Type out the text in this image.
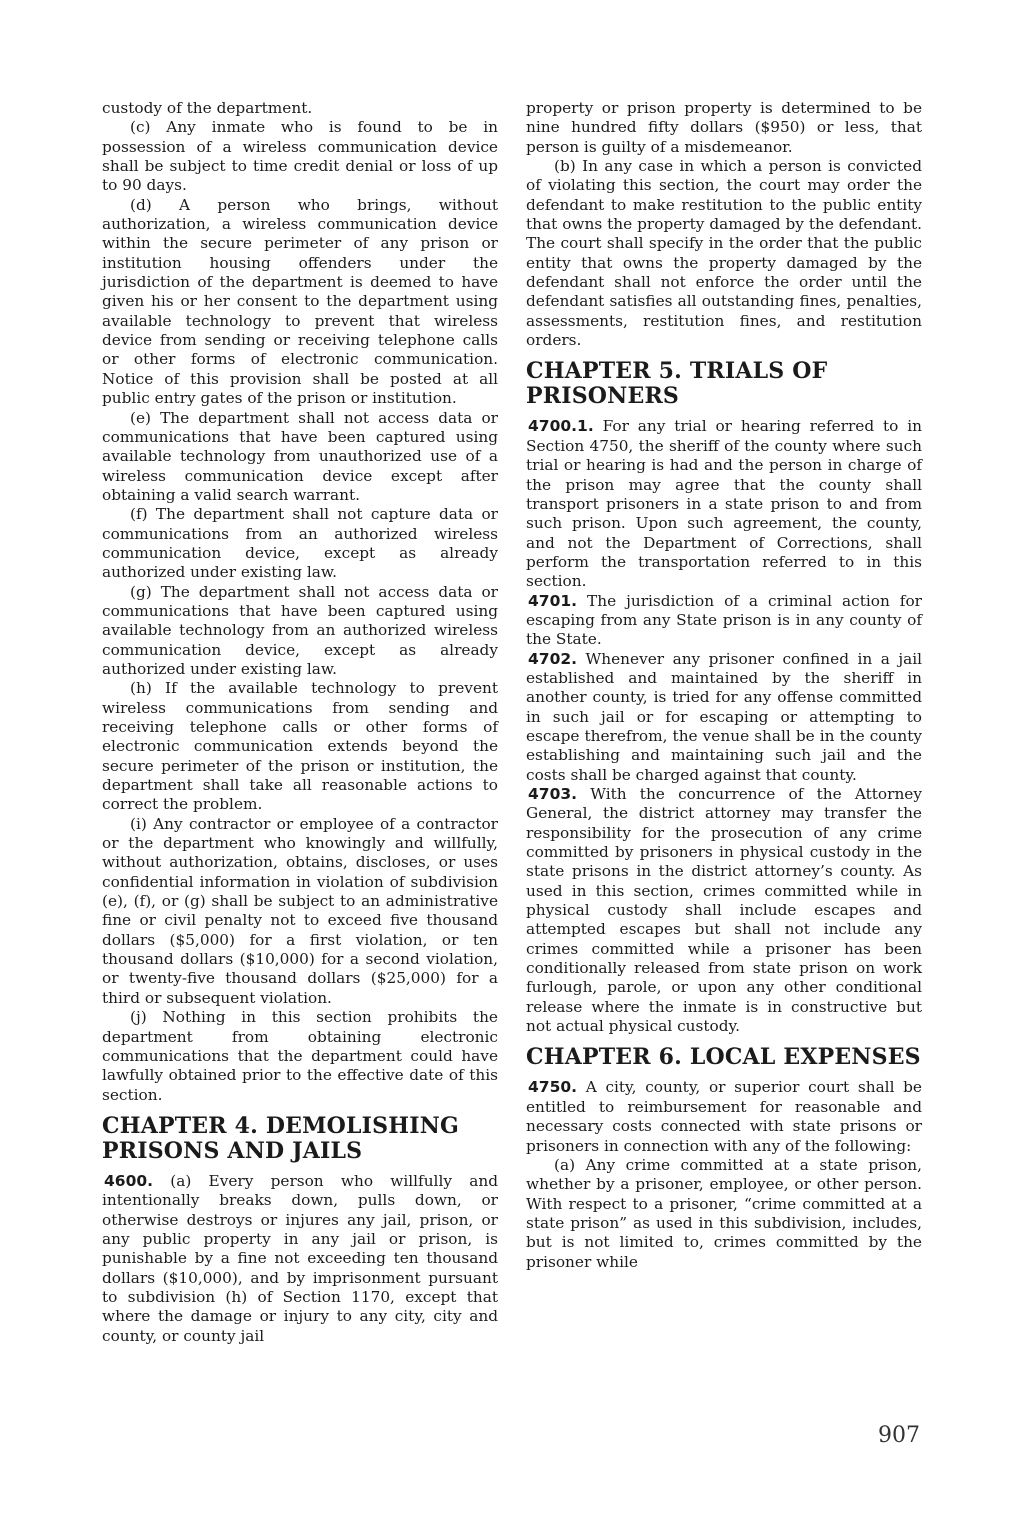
custody of the department.

(c) Any inmate who is found to be in possession of a wireless communication device shall be subject to time credit denial or loss of up to 90 days.

(d) A person who brings, without authorization, a wireless communication device within the secure perimeter of any prison or institution housing offenders under the jurisdiction of the department is deemed to have given his or her consent to the department using available technology to prevent that wireless device from sending or receiving telephone calls or other forms of electronic communication. Notice of this provision shall be posted at all public entry gates of the prison or institution.

(e) The department shall not access data or communications that have been captured using available technology from unauthorized use of a wireless communication device except after obtaining a valid search warrant.

(f) The department shall not capture data or communications from an authorized wireless communication device, except as already authorized under existing law.

(g) The department shall not access data or communications that have been captured using available technology from an authorized wireless communication device, except as already authorized under existing law.

(h) If the available technology to prevent wireless communications from sending and receiving telephone calls or other forms of electronic communication extends beyond the secure perimeter of the prison or institution, the department shall take all reasonable actions to correct the problem.

(i) Any contractor or employee of a contractor or the department who knowingly and willfully, without authorization, obtains, discloses, or uses confidential information in violation of subdivision (e), (f), or (g) shall be subject to an administrative fine or civil penalty not to exceed five thousand dollars ($5,000) for a first violation, or ten thousand dollars ($10,000) for a second violation, or twenty-five thousand dollars ($25,000) for a third or subsequent violation.

(j) Nothing in this section prohibits the department from obtaining electronic communications that the department could have lawfully obtained prior to the effective date of this section.

CHAPTER 4. DEMOLISHING PRISONS AND JAILS

4600. (a) Every person who willfully and intentionally breaks down, pulls down, or otherwise destroys or injures any jail, prison, or any public property in any jail or prison, is punishable by a fine not exceeding ten thousand dollars ($10,000), and by imprisonment pursuant to subdivision (h) of Section 1170, except that where the damage or injury to any city, city and county, or county jail

property or prison property is determined to be nine hundred fifty dollars ($950) or less, that person is guilty of a misdemeanor.

(b) In any case in which a person is convicted of violating this section, the court may order the defendant to make restitution to the public entity that owns the property damaged by the defendant. The court shall specify in the order that the public entity that owns the property damaged by the defendant shall not enforce the order until the defendant satisfies all outstanding fines, penalties, assessments, restitution fines, and restitution orders.

CHAPTER 5. TRIALS OF PRISONERS

4700.1. For any trial or hearing referred to in Section 4750, the sheriff of the county where such trial or hearing is had and the person in charge of the prison may agree that the county shall transport prisoners in a state prison to and from such prison. Upon such agreement, the county, and not the Department of Corrections, shall perform the transportation referred to in this section.

4701. The jurisdiction of a criminal action for escaping from any State prison is in any county of the State.

4702. Whenever any prisoner confined in a jail established and maintained by the sheriff in another county, is tried for any offense committed in such jail or for escaping or attempting to escape therefrom, the venue shall be in the county establishing and maintaining such jail and the costs shall be charged against that county.

4703. With the concurrence of the Attorney General, the district attorney may transfer the responsibility for the prosecution of any crime committed by prisoners in physical custody in the state prisons in the district attorney’s county. As used in this section, crimes committed while in physical custody shall include escapes and attempted escapes but shall not include any crimes committed while a prisoner has been conditionally released from state prison on work furlough, parole, or upon any other conditional release where the inmate is in constructive but not actual physical custody.

CHAPTER 6. LOCAL EXPENSES

4750. A city, county, or superior court shall be entitled to reimbursement for reasonable and necessary costs connected with state prisons or prisoners in connection with any of the following:

(a) Any crime committed at a state prison, whether by a prisoner, employee, or other person. With respect to a prisoner, “crime committed at a state prison” as used in this subdivision, includes, but is not limited to, crimes committed by the prisoner while

907
